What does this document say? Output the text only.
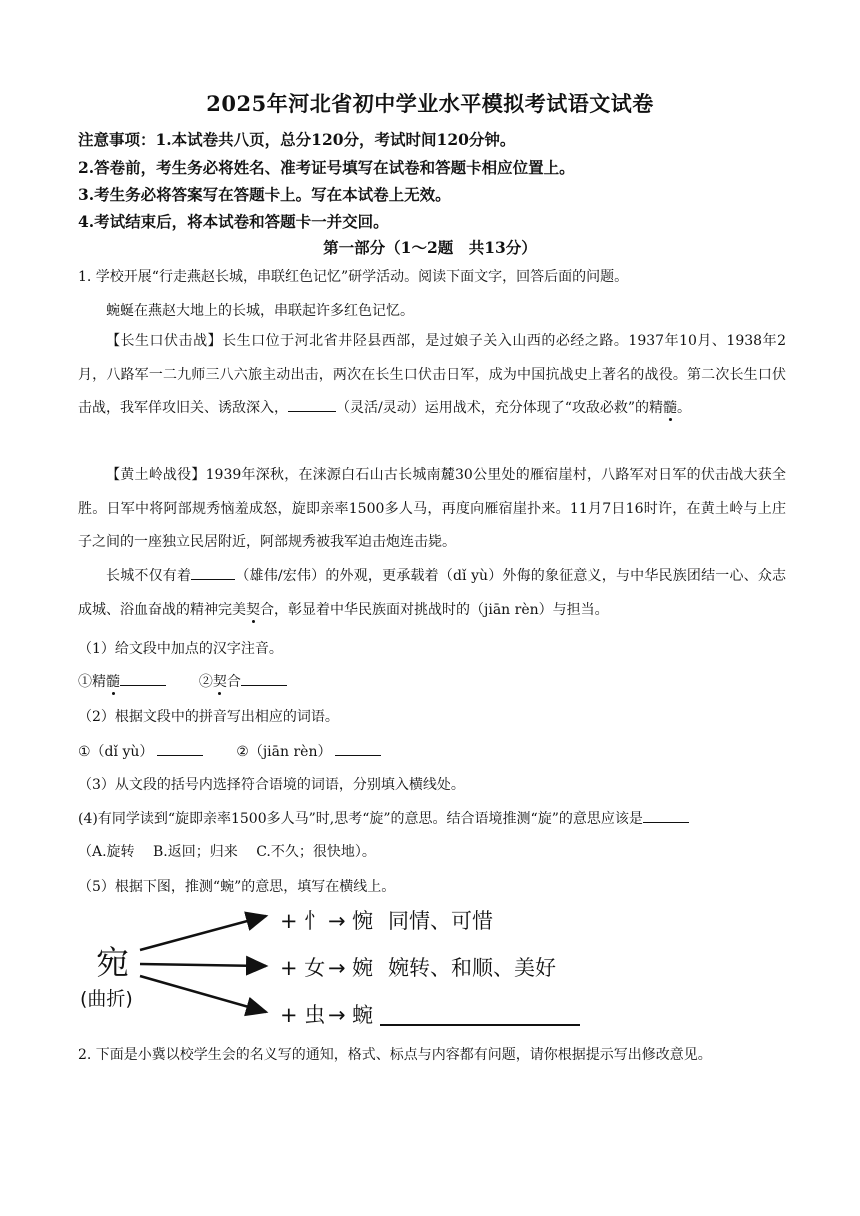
2025年河北省初中学业水平模拟考试语文试卷
注意事项：1.本试卷共八页，总分120分，考试时间120分钟。
2.答卷前，考生务必将姓名、准考证号填写在试卷和答题卡相应位置上。
3.考生务必将答案写在答题卡上。写在本试卷上无效。
4.考试结束后，将本试卷和答题卡一并交回。
第一部分（1～2题　共13分）
1. 学校开展“行走燕赵长城，串联红色记忆”研学活动。阅读下面文字，回答后面的问题。
蜿蜒在燕赵大地上的长城，串联起许多红色记忆。
【长生口伏击战】长生口位于河北省井陉县西部，是过娘子关入山西的必经之路。1937年10月、1938年2月，八路军一二九师三八六旅主动出击，两次在长生口伏击日军，成为中国抗战史上著名的战役。第二次长生口伏击战，我军佯攻旧关、诱敌深入，	（灵活/灵动）运用战术，充分体现了“攻敌必救”的精髓。
【黄土岭战役】1939年深秋，在涞源白石山古长城南麓30公里处的雁宿崖村，八路军对日军的伏击战大获全胜。日军中将阿部规秀恼羞成怒，旋即亲率1500多人马，再度向雁宿崖扑来。11月7日16时许，在黄土岭与上庄子之间的一座独立民居附近，阿部规秀被我军迫击炮连击毙。
长城不仅有着	（雄伟/宏伟）的外观，更承载着（dǐ yù）外侮的象征意义，与中华民族团结一心、众志成城、浴血奋战的精神完美契合，彰显着中华民族面对挑战时的（jiān rèn）与担当。
（1）给文段中加点的汉字注音。
①精髓	②契合
（2）根据文段中的拼音写出相应的词语。
①（dǐ yù）	②（jiān rèn）
（3）从文段的括号内选择符合语境的词语，分别填入横线处。
(4)有同学读到“旋即亲率1500多人马”时,思考“旋”的意思。结合语境推测“旋”的意思应该是
（A.旋转　 B.返回；归来　 C.不久；很快地）。
（5）根据下图，推测“蜿”的意思，填写在横线上。
宛
(曲折)
+ 忄 → 惋 同情、可惜
+ 女 → 婉 婉转、和顺、美好
+ 虫 → 蜿
2. 下面是小冀以校学生会的名义写的通知，格式、标点与内容都有问题，请你根据提示写出修改意见。
